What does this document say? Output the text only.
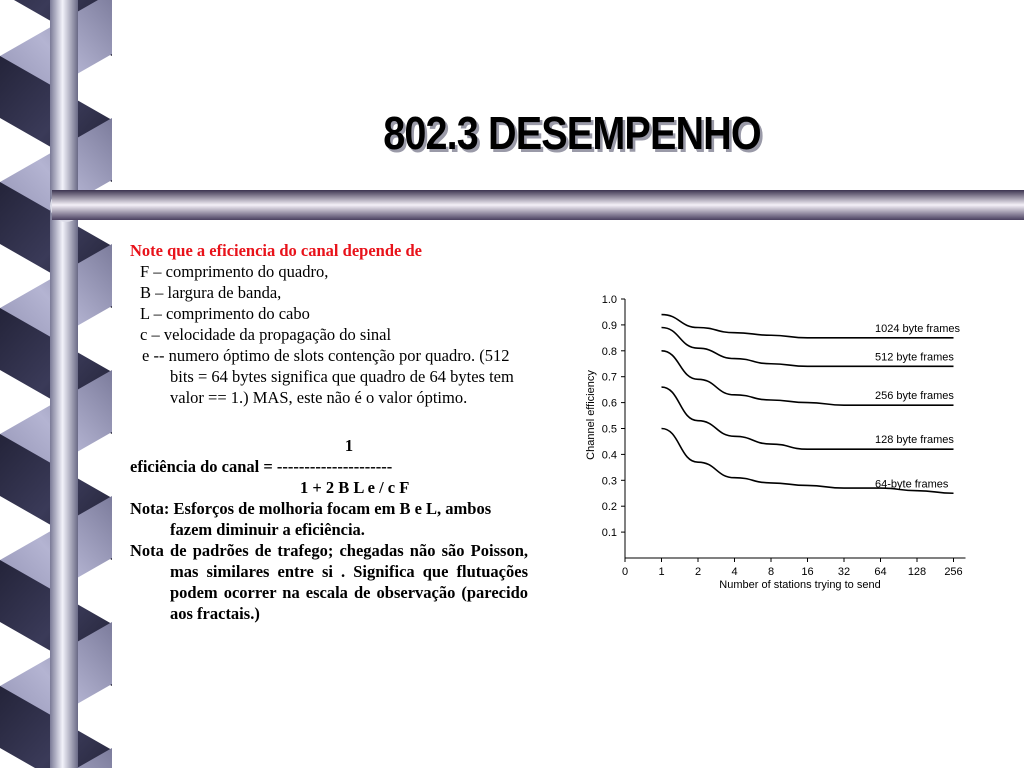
802.3 DESEMPENHO

Note que a eficiencia do canal depende de

F – comprimento do quadro,

B – largura de banda,

L – comprimento do cabo

c – velocidade da propagação do sinal

e -- numero óptimo de slots contenção por quadro. (512 bits = 64 bytes significa que quadro de 64 bytes tem valor == 1.) MAS, este não é o valor óptimo.

1

eficiência do canal = ---------------------

1 + 2 B L e / c F

Nota: Esforços de molhoria focam em B e L, ambos fazem diminuir a eficiência.

Nota de padrões de trafego; chegadas não são Poisson, mas similares entre si . Significa que flutuações podem ocorrer na escala de observação (parecido aos fractais.)

0.1
0.2
0.3
0.4
0.5
0.6
0.7
0.8
0.9
1.0
0	1	2	4	8 16 32 64 128 256
1024 byte frames
512 byte frames
256 byte frames
128 byte frames
64-byte frames
Number of stations trying to send
Channel efficiency
